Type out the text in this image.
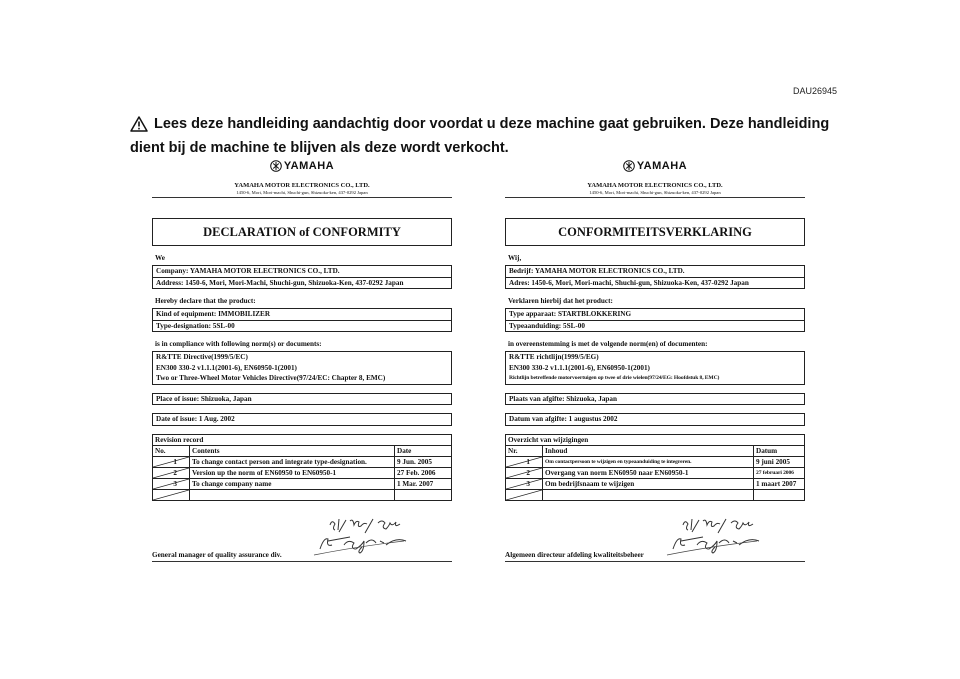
DAU26945
Lees deze handleiding aandachtig door voordat u deze machine gaat gebruiken. Deze handleiding dient bij de machine te blijven als deze wordt verkocht.
YAMAHA
YAMAHA MOTOR ELECTRONICS CO., LTD.
1450-6, Mori, Mori-machi, Shuchi-gun, Shizuoka-ken, 437-0292 Japan
DECLARATION of CONFORMITY
We
Company: YAMAHA MOTOR ELECTRONICS CO., LTD.
Address: 1450-6, Mori, Mori-Machi, Shuchi-gun, Shizuoka-Ken, 437-0292 Japan
Hereby declare that the product:
Kind of equipment: IMMOBILIZER
Type-designation: 5SL-00
is in compliance with following norm(s) or documents:
R&TTE Directive(1999/5/EC)
EN300 330-2 v1.1.1(2001-6), EN60950-1(2001)
Two or Three-Wheel Motor Vehicles Directive(97/24/EC: Chapter 8, EMC)
Place of issue: Shizuoka, Japan
Date of issue: 1 Aug. 2002
Revision record		
No.	Contents	Date

1	To change contact person and integrate type-designation.	9 Jun. 2005

2	Version up the norm of EN60950 to EN60950-1	27 Feb. 2006

3	To change company name	1 Mar. 2007

General manager of quality assurance div.
YAMAHA
YAMAHA MOTOR ELECTRONICS CO., LTD.
1450-6, Mori, Mori-machi, Shuchi-gun, Shizuoka-ken, 437-0292 Japan
CONFORMITEITSVERKLARING
Wij,
Bedrijf: YAMAHA MOTOR ELECTRONICS CO., LTD.
Adres: 1450-6, Mori, Mori-machi, Shuchi-gun, Shizuoka-Ken, 437-0292 Japan
Verklaren hierbij dat het product:
Type apparaat: STARTBLOKKERING
Typeaanduiding: 5SL-00
in overeenstemming is met de volgende norm(en) of documenten:
R&TTE richtlijn(1999/5/EG)
EN300 330-2 v1.1.1(2001-6), EN60950-1(2001)
Richtlijn betreffende motorvoertuigen op twee of drie wielen(97/24/EG: Hoofdstuk 8, EMC)
Plaats van afgifte: Shizuoka, Japan
Datum van afgifte: 1 augustus 2002
Overzicht van wijzigingen		
Nr.	Inhoud	Datum

1	Om contactpersoon te wijzigen en typeaanduiding te integreren.	9 juni 2005

2	Overgang van norm EN60950 naar EN60950-1	27 februari 2006

3	Om bedrijfsnaam te wijzigen	1 maart 2007

Algemeen directeur afdeling kwaliteitsbeheer
